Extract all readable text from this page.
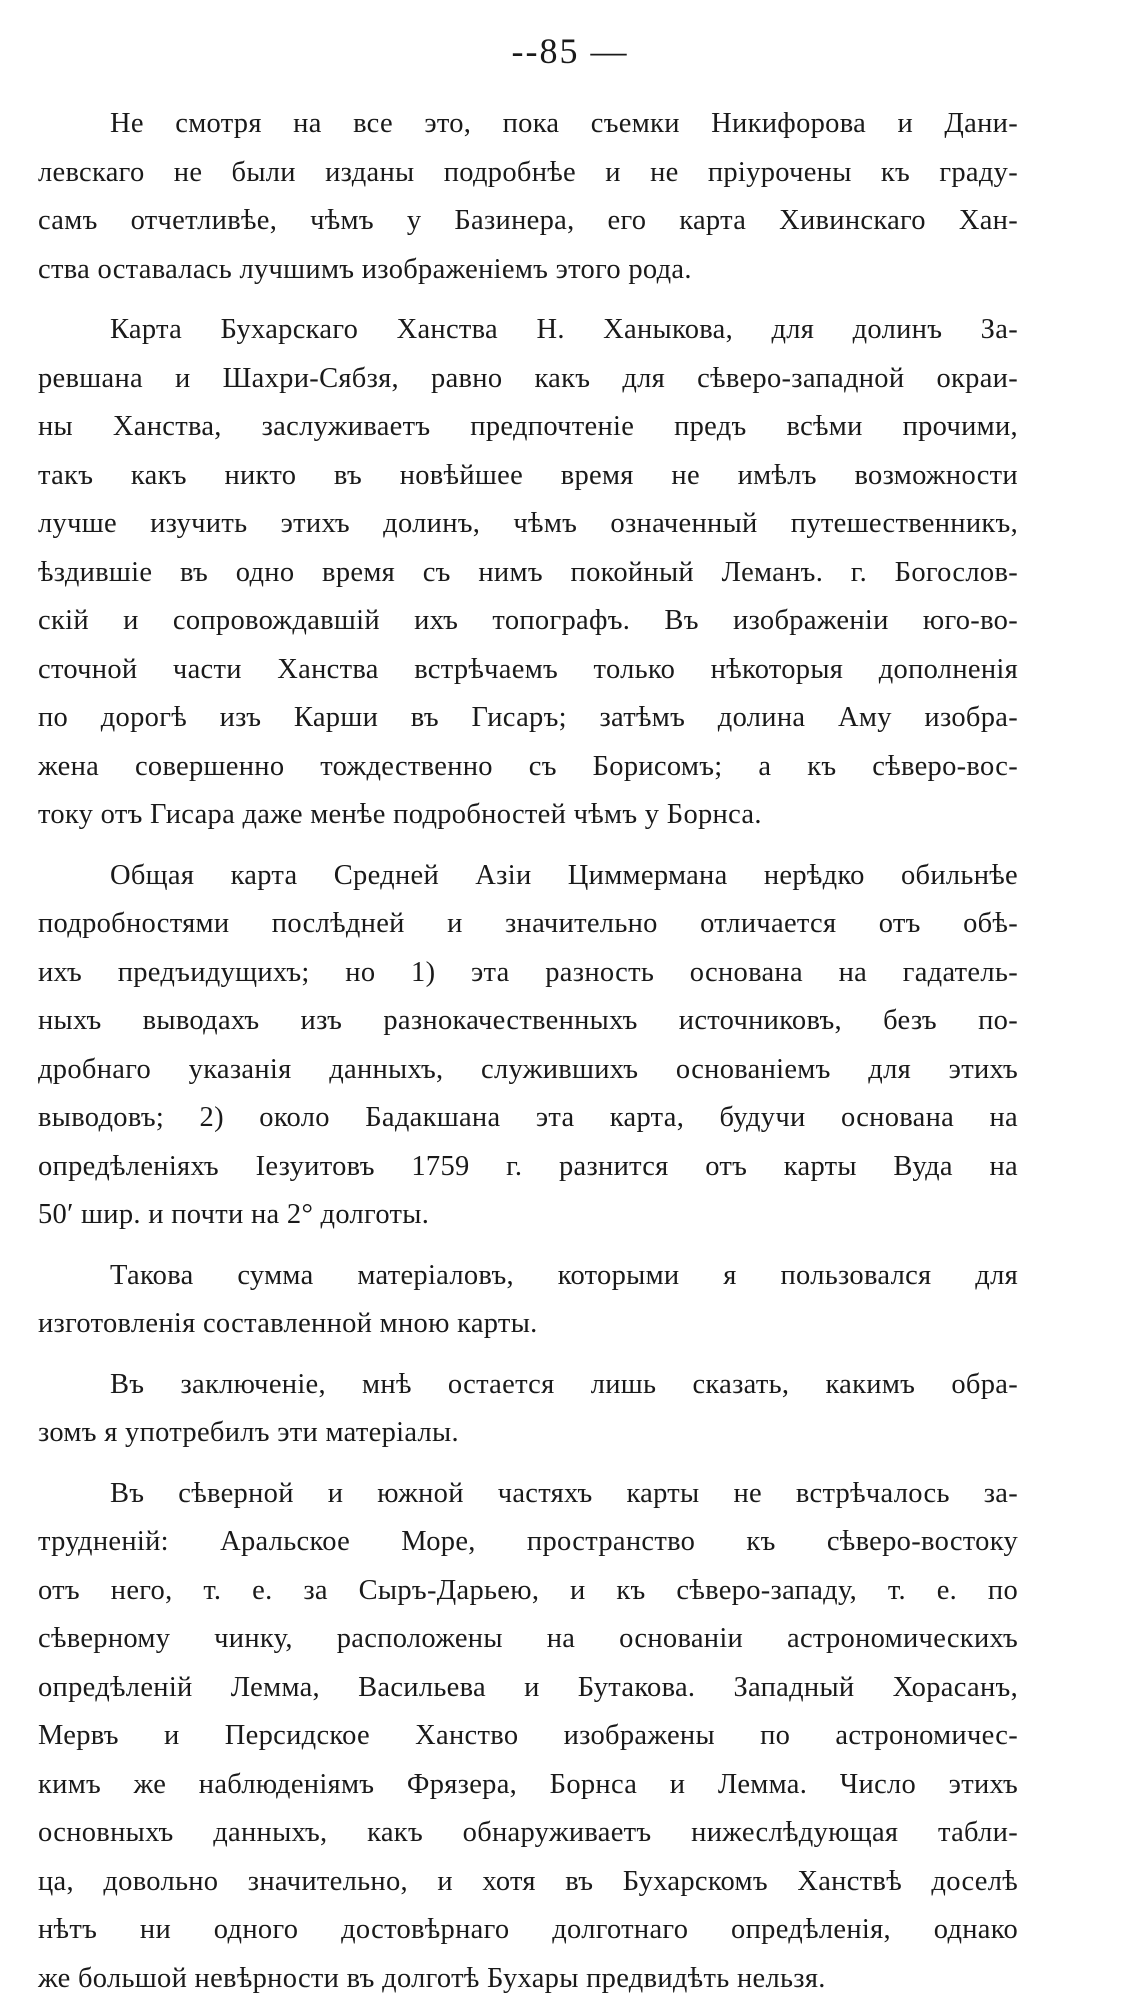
--85 —
Не смотря на все это, пока съемки Никифорова и Дани-
левскаго не были изданы подробнѣе и не пріурочены къ граду-
самъ отчетливѣе, чѣмъ у Базинера, его карта Хивинскаго Хан-
ства оставалась лучшимъ изображеніемъ этого рода.
Карта Бухарскаго Ханства Н. Ханыкова, для долинъ За-
ревшана и Шахри-Сябзя, равно какъ для сѣверо-западной окраи-
ны Ханства, заслуживаетъ предпочтеніе предъ всѣми прочими,
такъ какъ никто въ новѣйшее время не имѣлъ возможности
лучше изучить этихъ долинъ, чѣмъ означенный путешественникъ,
ѣздившіе въ одно время съ нимъ покойный Леманъ. г. Богослов-
скій и сопровождавшій ихъ топографъ. Въ изображеніи юго-во-
сточной части Ханства встрѣчаемъ только нѣкоторыя дополненія
по дорогѣ изъ Карши въ Гисаръ; затѣмъ долина Аму изобра-
жена совершенно тождественно съ Борисомъ; а къ сѣверо-вос-
току отъ Гисара даже менѣе подробностей чѣмъ у Борнса.
Общая карта Средней Азіи Циммермана нерѣдко обильнѣе
подробностями послѣдней и значительно отличается отъ обѣ-
ихъ предъидущихъ; но 1) эта разность основана на гадатель-
ныхъ выводахъ изъ разнокачественныхъ источниковъ, безъ по-
дробнаго указанія данныхъ, служившихъ основаніемъ для этихъ
выводовъ; 2) около Бадакшана эта карта, будучи основана на
опредѣленіяхъ Іезуитовъ 1759 г. разнится отъ карты Вуда на
50′ шир. и почти на 2° долготы.
Такова сумма матеріаловъ, которыми я пользовался для
изготовленія составленной мною карты.
Въ заключеніе, мнѣ остается лишь сказать, какимъ обра-
зомъ я употребилъ эти матеріалы.
Въ сѣверной и южной частяхъ карты не встрѣчалось за-
трудненій: Аральское Море, пространство къ сѣверо-востоку
отъ него, т. е. за Сыръ-Дарьею, и къ сѣверо-западу, т. е. по
сѣверному чинку, расположены на основаніи астрономическихъ
опредѣленій Лемма, Васильева и Бутакова. Западный Хорасанъ,
Мервъ и Персидское Ханство изображены по астрономичес-
кимъ же наблюденіямъ Фрязера, Борнса и Лемма. Число этихъ
основныхъ данныхъ, какъ обнаруживаетъ нижеслѣдующая табли-
ца, довольно значительно, и хотя въ Бухарскомъ Ханствѣ доселѣ
нѣтъ ни одного достовѣрнаго долготнаго опредѣленія, однако
же большой невѣрности въ долготѣ Бухары предвидѣть нельзя.
